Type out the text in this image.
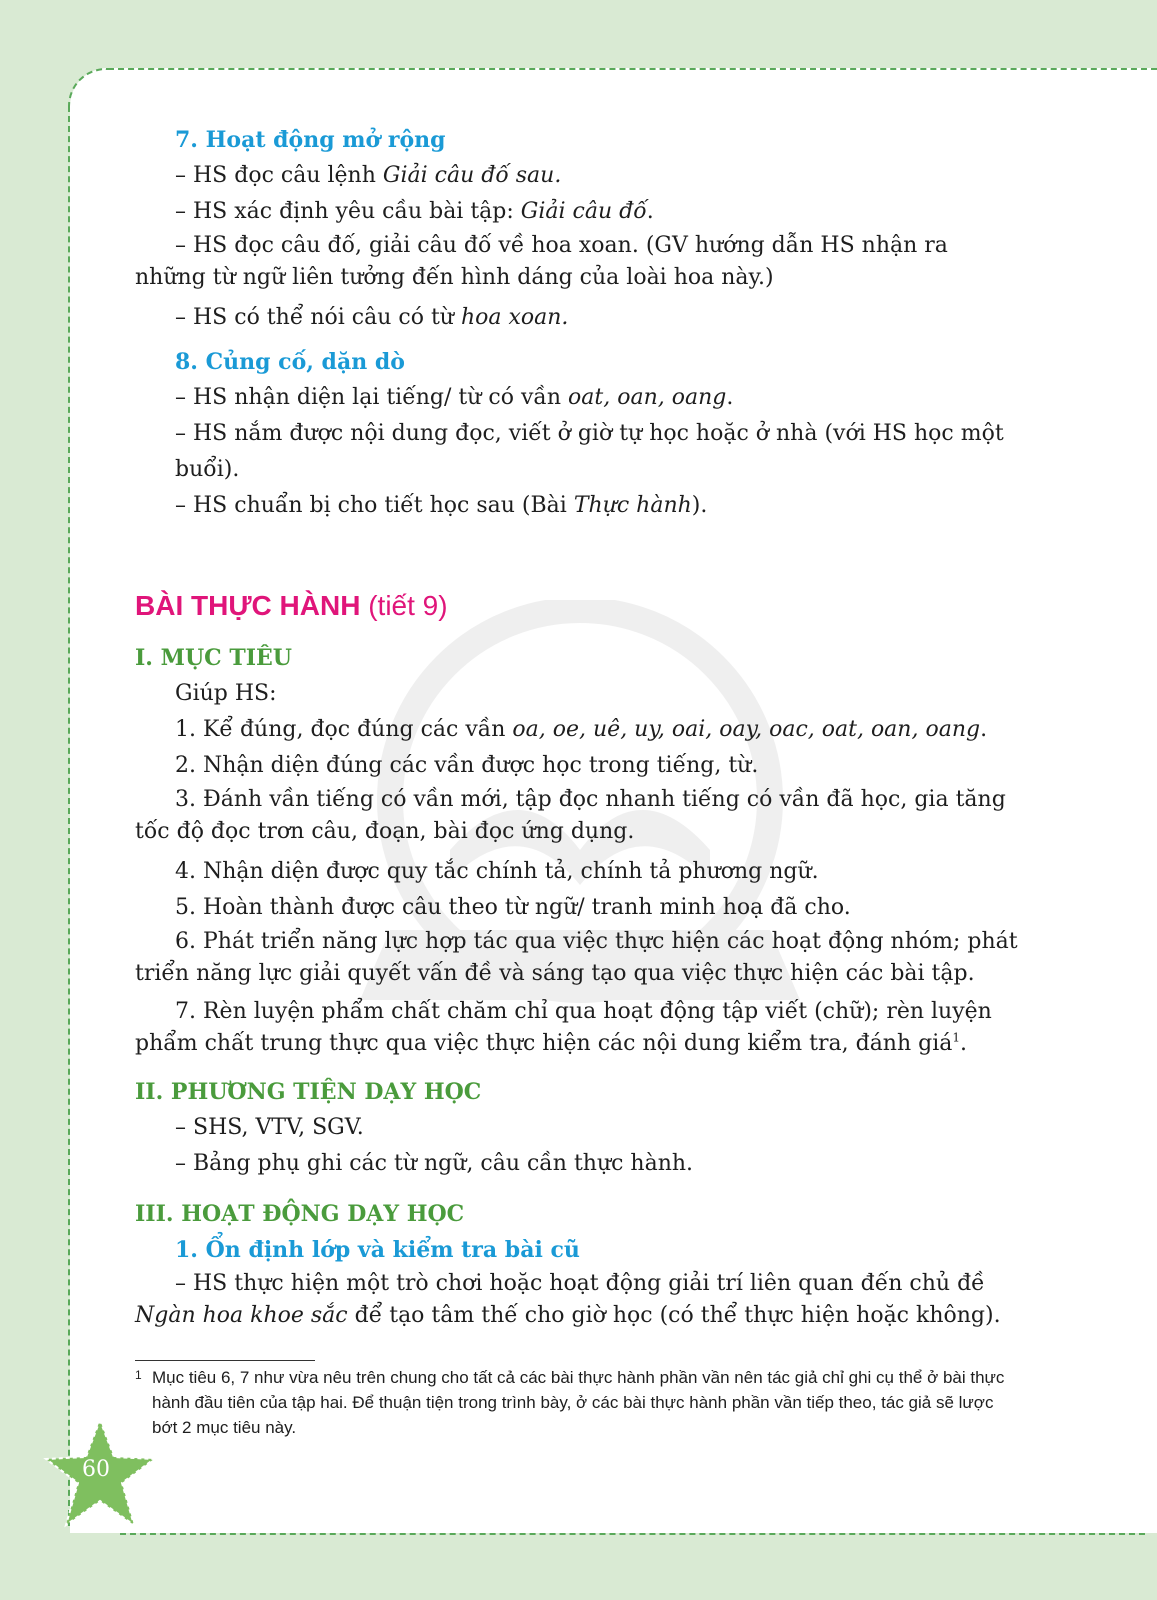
7. Hoạt động mở rộng

– HS đọc câu lệnh Giải câu đố sau.

– HS xác định yêu cầu bài tập: Giải câu đố.

– HS đọc câu đố, giải câu đố về hoa xoan. (GV hướng dẫn HS nhận ra những từ ngữ liên tưởng đến hình dáng của loài hoa này.)

– HS có thể nói câu có từ hoa xoan.

8. Củng cố, dặn dò

– HS nhận diện lại tiếng/ từ có vần oat, oan, oang.

– HS nắm được nội dung đọc, viết ở giờ tự học hoặc ở nhà (với HS học một buổi).

– HS chuẩn bị cho tiết học sau (Bài Thực hành).

BÀI THỰC HÀNH (tiết 9)

I. MỤC TIÊU

Giúp HS:

1. Kể đúng, đọc đúng các vần oa, oe, uê, uy, oai, oay, oac, oat, oan, oang.

2. Nhận diện đúng các vần được học trong tiếng, từ.

3. Đánh vần tiếng có vần mới, tập đọc nhanh tiếng có vần đã học, gia tăng tốc độ đọc trơn câu, đoạn, bài đọc ứng dụng.

4. Nhận diện được quy tắc chính tả, chính tả phương ngữ.

5. Hoàn thành được câu theo từ ngữ/ tranh minh hoạ đã cho.

6. Phát triển năng lực hợp tác qua việc thực hiện các hoạt động nhóm; phát triển năng lực giải quyết vấn đề và sáng tạo qua việc thực hiện các bài tập.

7. Rèn luyện phẩm chất chăm chỉ qua hoạt động tập viết (chữ); rèn luyện phẩm chất trung thực qua việc thực hiện các nội dung kiểm tra, đánh giá$^1$.

II. PHƯƠNG TIỆN DẠY HỌC

– SHS, VTV, SGV.

– Bảng phụ ghi các từ ngữ, câu cần thực hành.

III. HOẠT ĐỘNG DẠY HỌC

1. Ổn định lớp và kiểm tra bài cũ

– HS thực hiện một trò chơi hoặc hoạt động giải trí liên quan đến chủ đề Ngàn hoa khoe sắc để tạo tâm thế cho giờ học (có thể thực hiện hoặc không).

1 Mục tiêu 6, 7 như vừa nêu trên chung cho tất cả các bài thực hành phần vần nên tác giả chỉ ghi cụ thể ở bài thực hành đầu tiên của tập hai. Để thuận tiện trong trình bày, ở các bài thực hành phần vần tiếp theo, tác giả sẽ lược bớt 2 mục tiêu này.
60
